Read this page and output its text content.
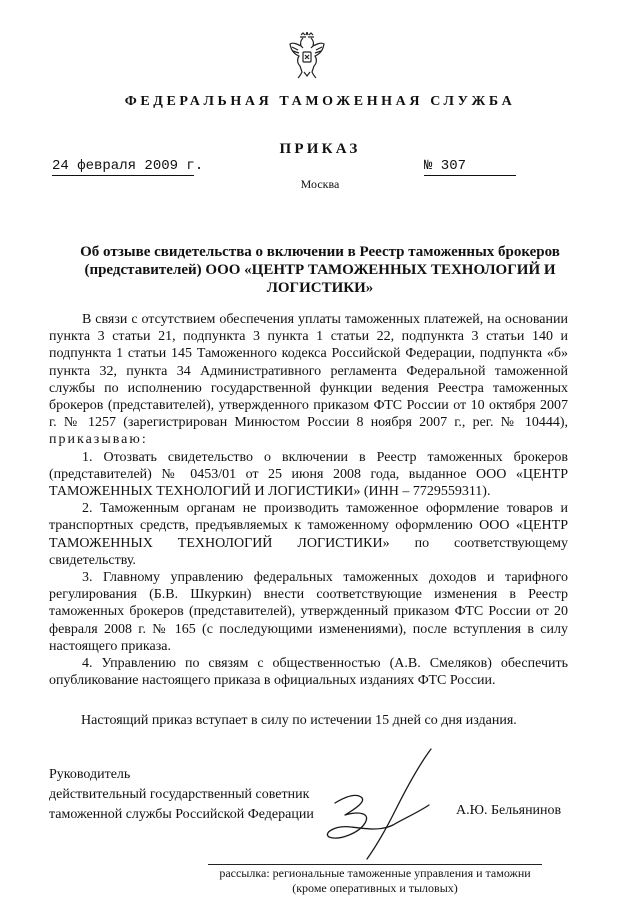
ФЕДЕРАЛЬНАЯ ТАМОЖЕННАЯ СЛУЖБА
ПРИКАЗ
24 февраля 2009 г.	№ 307
Москва
Об отзыве свидетельства о включении в Реестр таможенных брокеров (представителей) ООО «ЦЕНТР ТАМОЖЕННЫХ ТЕХНОЛОГИЙ И ЛОГИСТИКИ»

В связи с отсутствием обеспечения уплаты таможенных платежей, на основании пункта 3 статьи 21, подпункта 3 пункта 1 статьи 22, подпункта 3 статьи 140 и подпункта 1 статьи 145 Таможенного кодекса Российской Федерации, подпункта «б» пункта 32, пункта 34 Административного регламента Федеральной таможенной службы по исполнению государственной функции ведения Реестра таможенных брокеров (представителей), утвержденного приказом ФТС России от 10 октября 2007 г. № 1257 (зарегистрирован Минюстом России 8 ноября 2007 г., рег. № 10444), приказываю:

1. Отозвать свидетельство о включении в Реестр таможенных брокеров (представителей) № 0453/01 от 25 июня 2008 года, выданное ООО «ЦЕНТР ТАМОЖЕННЫХ ТЕХНОЛОГИЙ И ЛОГИСТИКИ» (ИНН – 7729559311).

2. Таможенным органам не производить таможенное оформление товаров и транспортных средств, предъявляемых к таможенному оформлению ООО «ЦЕНТР ТАМОЖЕННЫХ ТЕХНОЛОГИЙ ЛОГИСТИКИ» по соответствующему свидетельству.

3. Главному управлению федеральных таможенных доходов и тарифного регулирования (Б.В. Шкуркин) внести соответствующие изменения в Реестр таможенных брокеров (представителей), утвержденный приказом ФТС России от 20 февраля 2008 г. № 165 (с последующими изменениями), после вступления в силу настоящего приказа.

4. Управлению по связям с общественностью (А.В. Смеляков) обеспечить опубликование настоящего приказа в официальных изданиях ФТС России.

Настоящий приказ вступает в силу по истечении 15 дней со дня издания.
Руководитель
действительный государственный советник
таможенной службы Российской Федерации	А.Ю. Бельянинов
рассылка: региональные таможенные управления и таможни
(кроме оперативных и тыловых)
